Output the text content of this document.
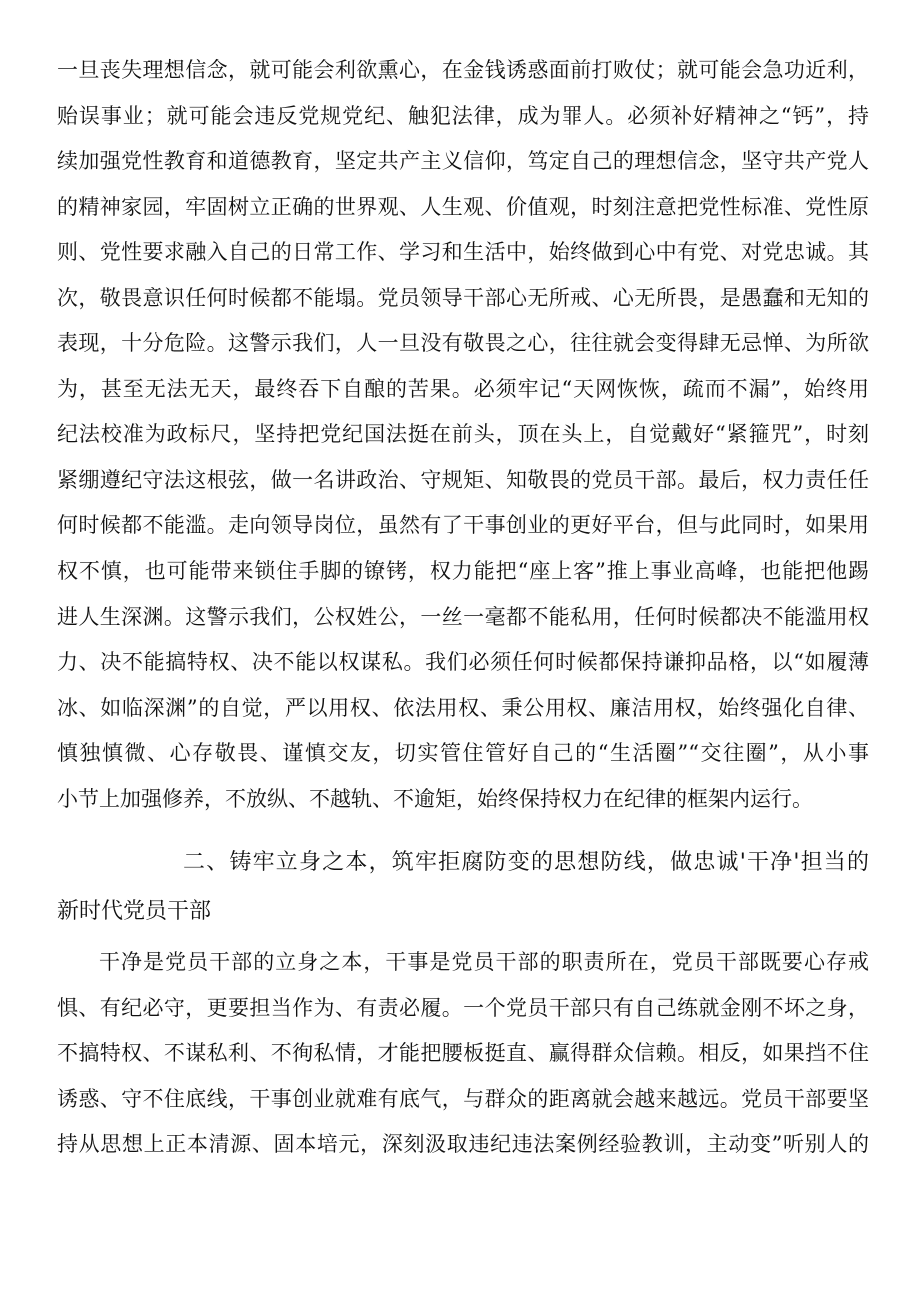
一旦丧失理想信念，就可能会利欲熏心，在金钱诱惑面前打败仗；就可能会急功近利，
贻误事业；就可能会违反党规党纪、触犯法律，成为罪人。必须补好精神之“钙”，持
续加强党性教育和道德教育，坚定共产主义信仰，笃定自己的理想信念，坚守共产党人
的精神家园，牢固树立正确的世界观、人生观、价值观，时刻注意把党性标准、党性原
则、党性要求融入自己的日常工作、学习和生活中，始终做到心中有党、对党忠诚。其
次，敬畏意识任何时候都不能塌。党员领导干部心无所戒、心无所畏，是愚蠢和无知的
表现，十分危险。这警示我们，人一旦没有敬畏之心，往往就会变得肆无忌惮、为所欲
为，甚至无法无天，最终吞下自酿的苦果。必须牢记“天网恢恢，疏而不漏”，始终用
纪法校准为政标尺，坚持把党纪国法挺在前头，顶在头上，自觉戴好“紧箍咒”，时刻
紧绷遵纪守法这根弦，做一名讲政治、守规矩、知敬畏的党员干部。最后，权力责任任
何时候都不能滥。走向领导岗位，虽然有了干事创业的更好平台，但与此同时，如果用
权不慎，也可能带来锁住手脚的镣铐，权力能把“座上客”推上事业高峰，也能把他踢
进人生深渊。这警示我们，公权姓公，一丝一毫都不能私用，任何时候都决不能滥用权
力、决不能搞特权、决不能以权谋私。我们必须任何时候都保持谦抑品格，以“如履薄
冰、如临深渊”的自觉，严以用权、依法用权、秉公用权、廉洁用权，始终强化自律、
慎独慎微、心存敬畏、谨慎交友，切实管住管好自己的“生活圈”“交往圈”，从小事
小节上加强修养，不放纵、不越轨、不逾矩，始终保持权力在纪律的框架内运行。
二、铸牢立身之本，筑牢拒腐防变的思想防线，做忠诚'干净'担当的
新时代党员干部
干净是党员干部的立身之本，干事是党员干部的职责所在，党员干部既要心存戒
惧、有纪必守，更要担当作为、有责必履。一个党员干部只有自己练就金刚不坏之身，
不搞特权、不谋私利、不徇私情，才能把腰板挺直、赢得群众信赖。相反，如果挡不住
诱惑、守不住底线，干事创业就难有底气，与群众的距离就会越来越远。党员干部要坚
持从思想上正本清源、固本培元，深刻汲取违纪违法案例经验教训，主动变”听别人的
